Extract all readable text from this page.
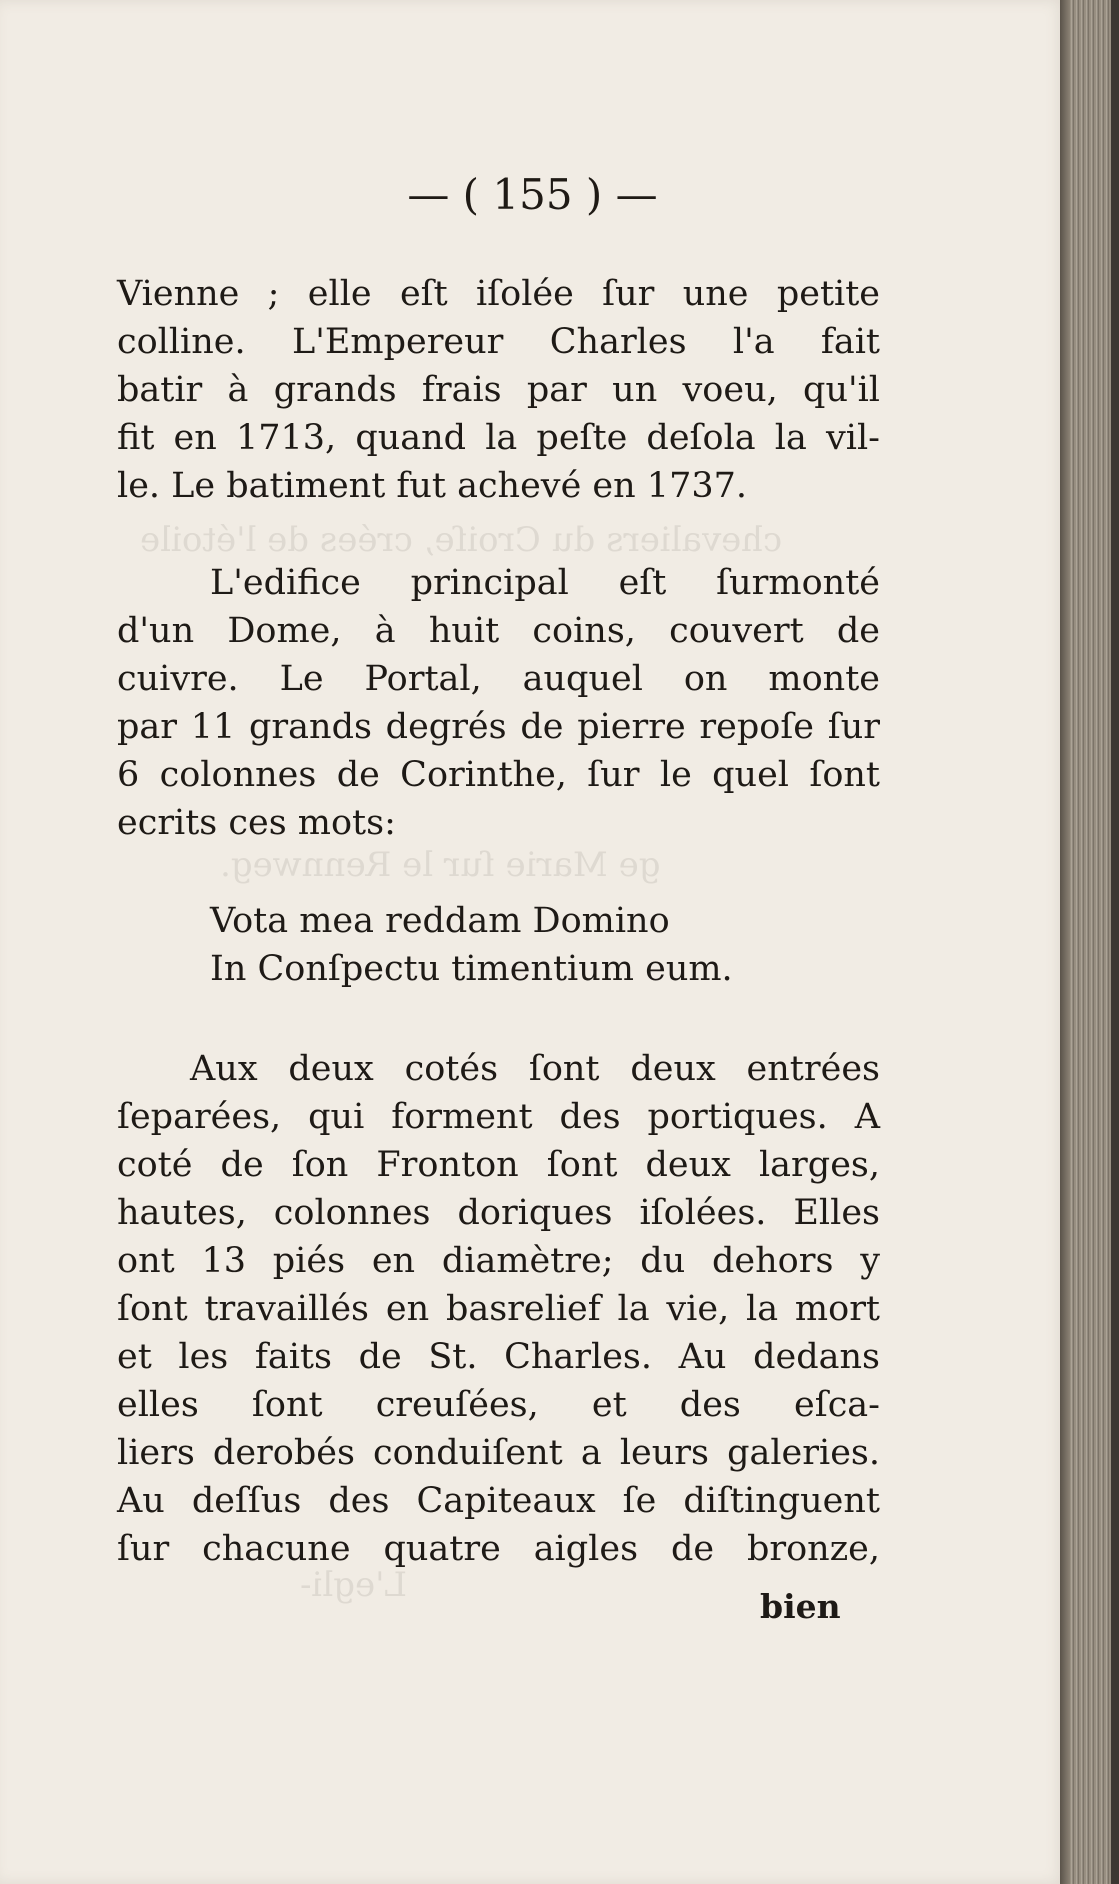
chevaliers du Croiſe, crées de l'étoile
ge Marie ſur le Rennweg.
L'egli-
— ( 155 ) —
Vienne ; elle eſt iſolée ſur une petite
colline. L'Empereur Charles l'a fait
batir à grands frais par un voeu, qu'il
fit en 1713, quand la peſte deſola la vil-
le. Le batiment fut achevé en 1737.
L'edifice principal eſt ſurmonté
d'un Dome, à huit coins, couvert de
cuivre. Le Portal, auquel on monte
par 11 grands degrés de pierre repoſe ſur
6 colonnes de Corinthe, ſur le quel ſont
ecrits ces mots:
Vota mea reddam Domino
In Conſpectu timentium eum.
Aux deux cotés ſont deux entrées
ſeparées, qui forment des portiques. A
coté de ſon Fronton ſont deux larges,
hautes, colonnes doriques iſolées. Elles
ont 13 piés en diamètre; du dehors y
ſont travaillés en basrelief la vie, la mort
et les faits de St. Charles. Au dedans
elles ſont creuſées, et des eſca-
liers derobés conduiſent a leurs galeries.
Au deſſus des Capiteaux ſe diſtinguent
ſur chacune quatre aigles de bronze,
bien
